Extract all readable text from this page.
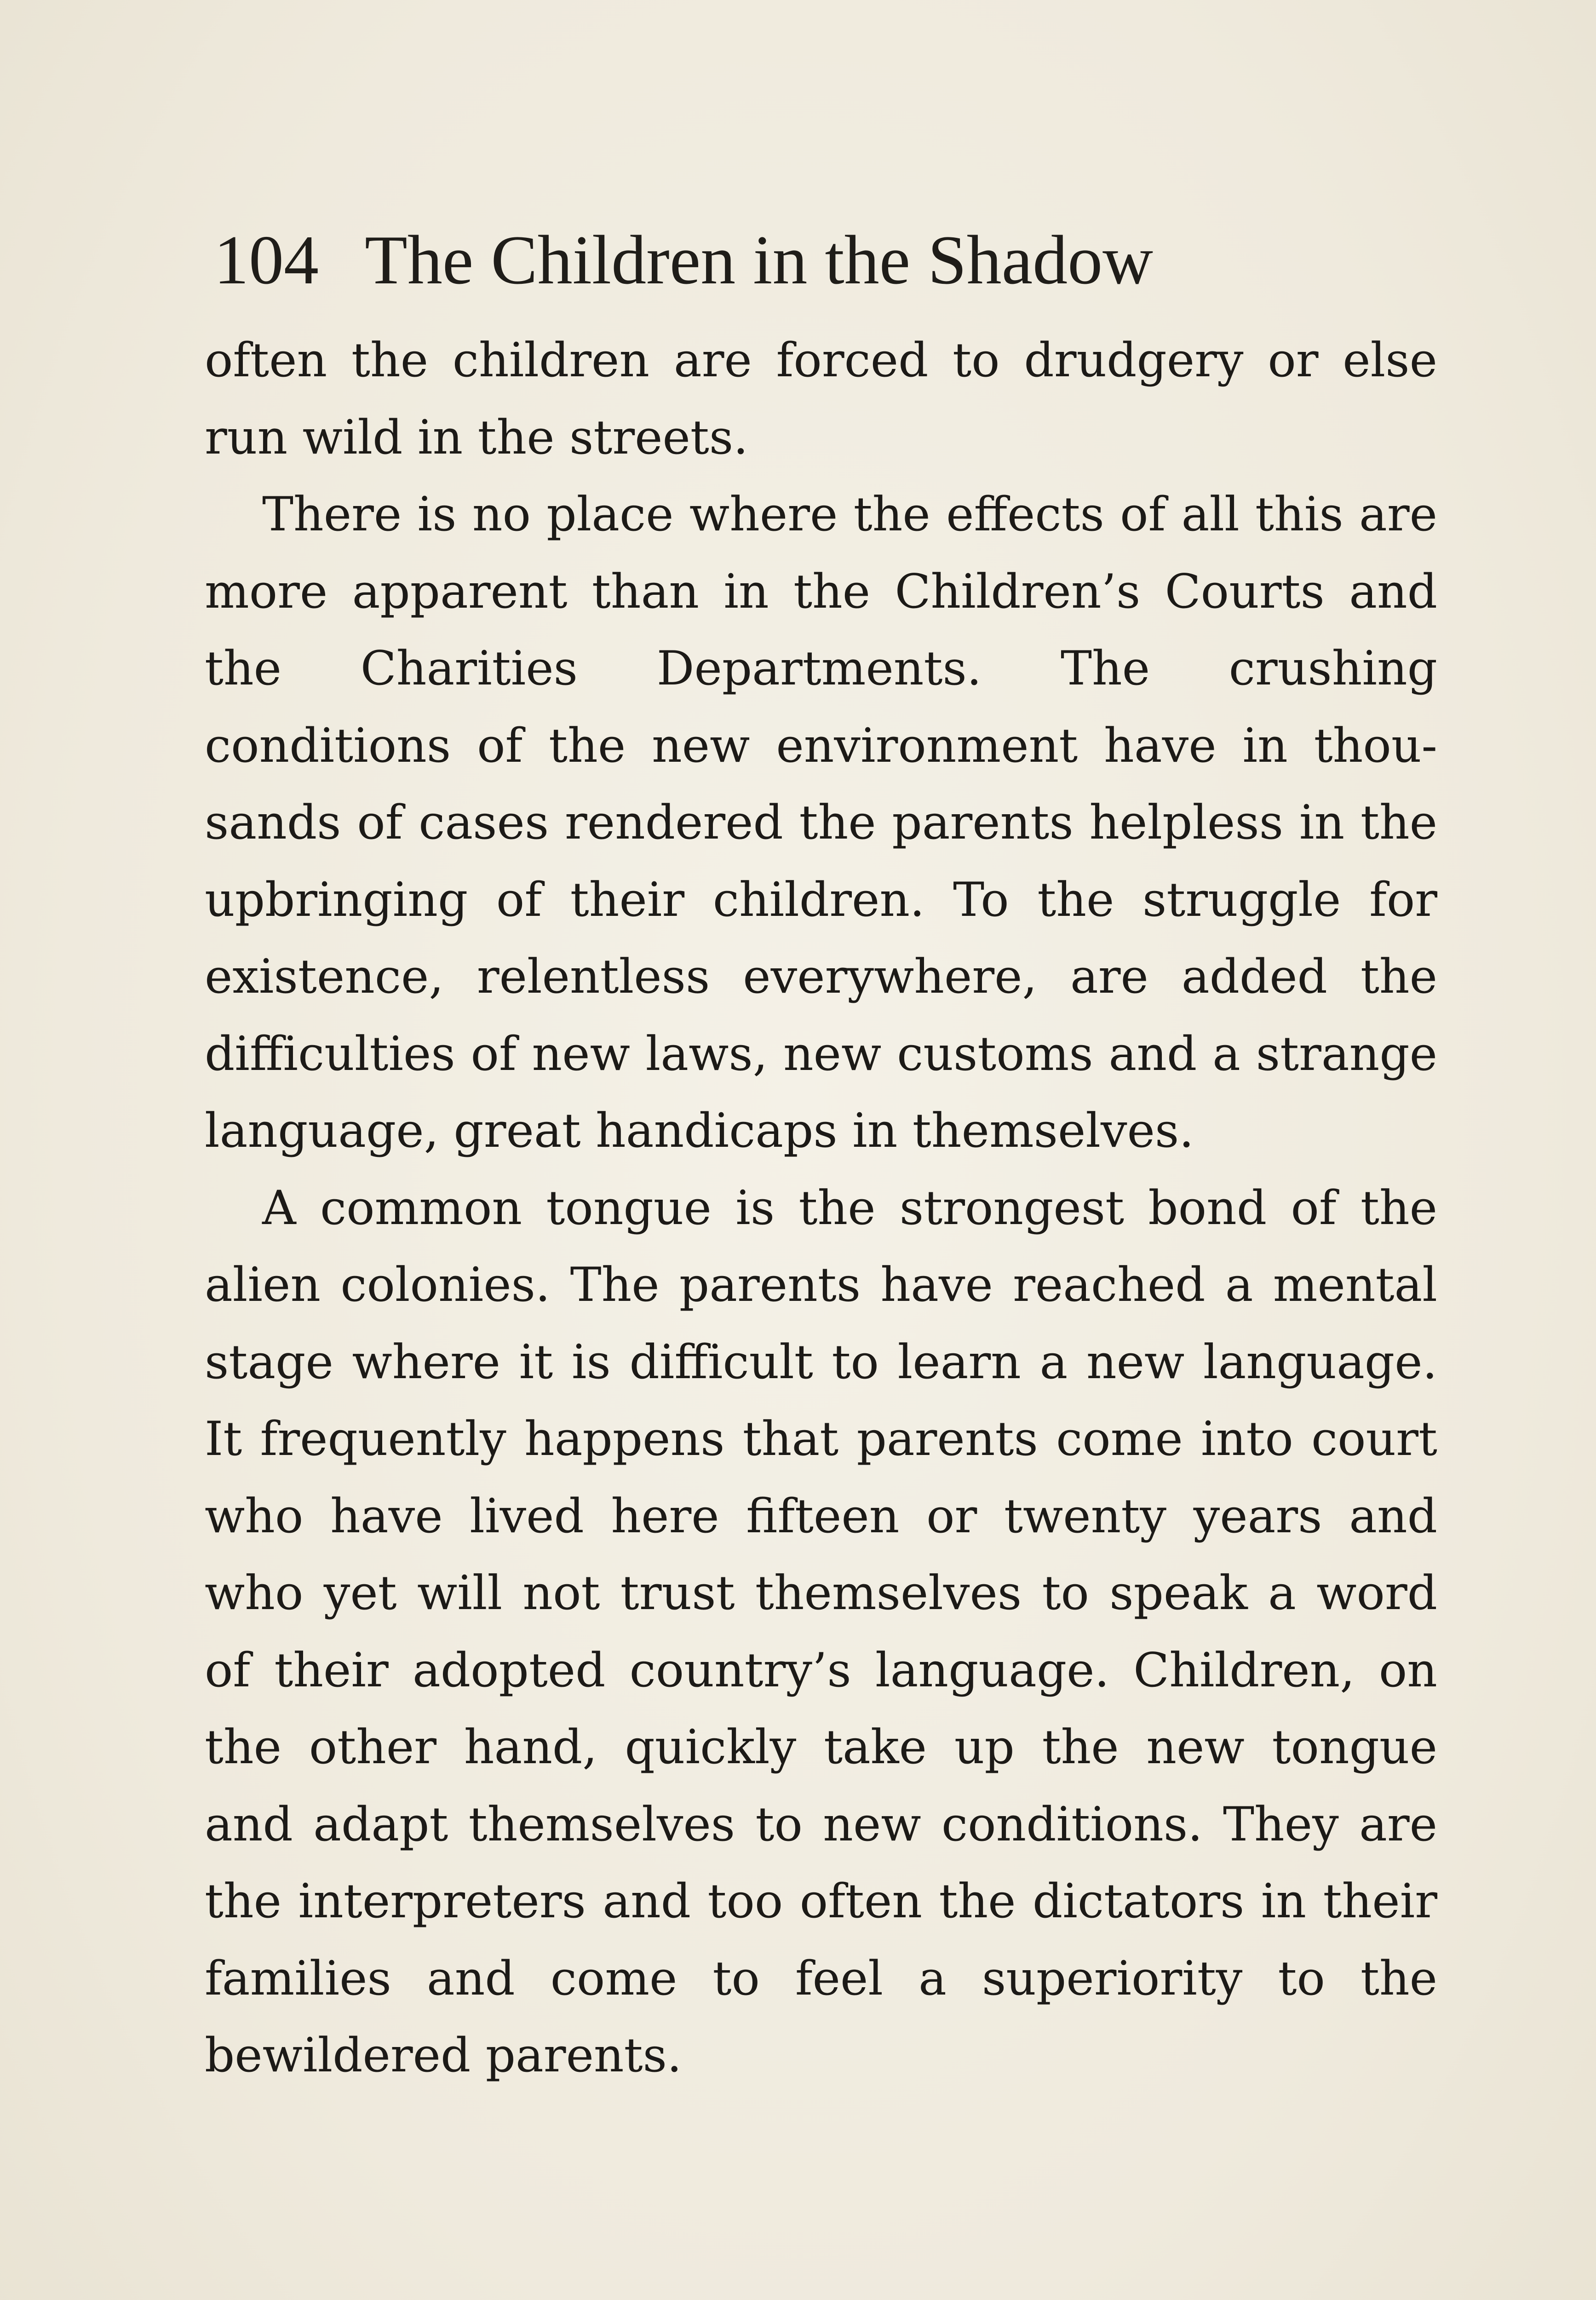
104 The Children in the Shadow

often the children are forced to drudgery or else run wild in the streets.

There is no place where the effects of all this are more apparent than in the Children’s Courts and the Charities Departments. The crushing conditions of the new environment have in thousands of cases rendered the parents helpless in the upbringing of their children. To the struggle for existence, relentless everywhere, are added the difficulties of new laws, new customs and a strange language, great handicaps in themselves.

A common tongue is the strongest bond of the alien colonies. The parents have reached a mental stage where it is difficult to learn a new language. It frequently happens that parents come into court who have lived here fifteen or twenty years and who yet will not trust themselves to speak a word of their adopted country’s language. Children, on the other hand, quickly take up the new tongue and adapt themselves to new conditions. They are the interpreters and too often the dictators in their families and come to feel a superiority to the bewildered parents.
